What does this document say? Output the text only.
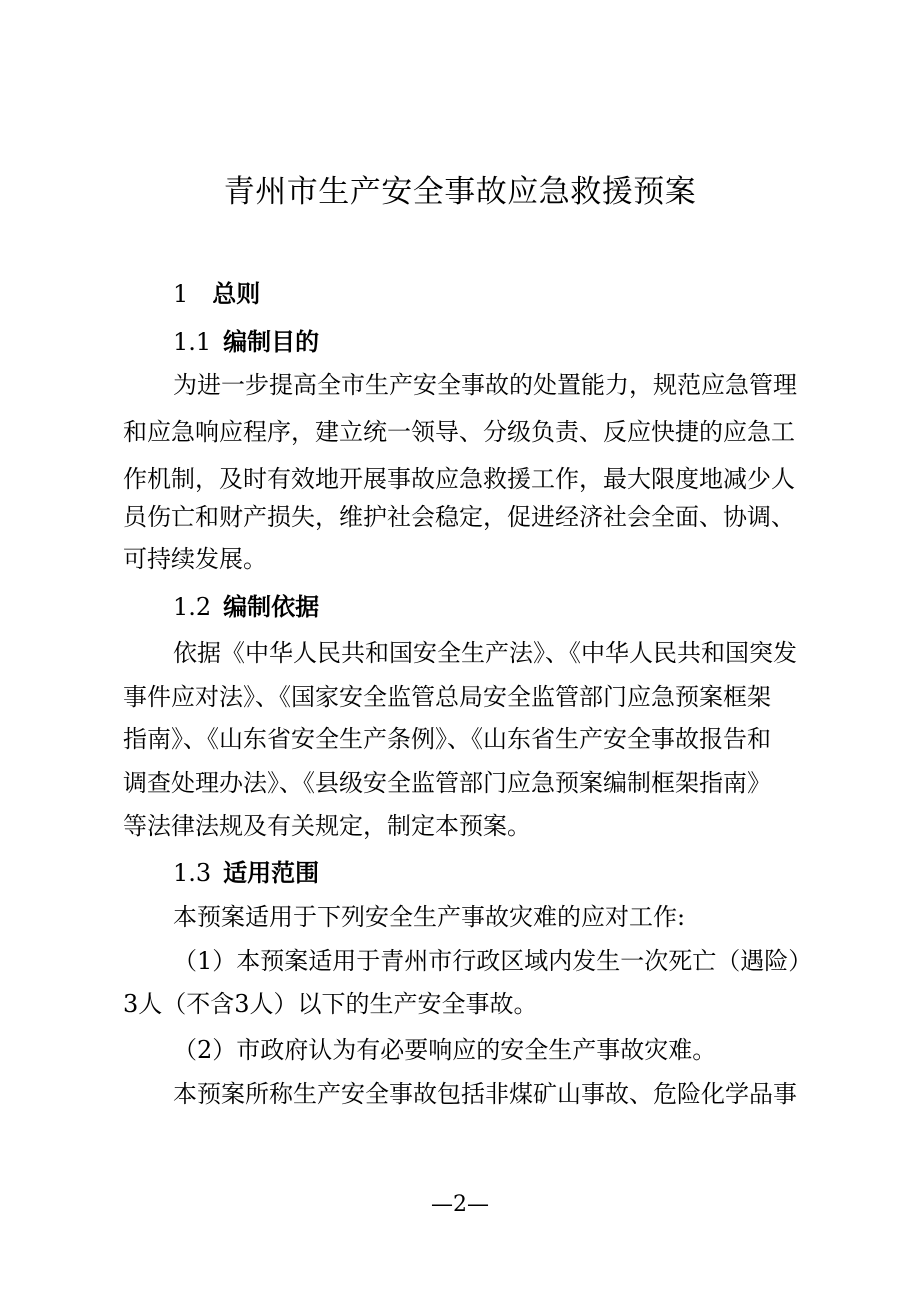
青州市生产安全事故应急救援预案
1 总则
1.1 编制目的
为进一步提高全市生产安全事故的处置能力，规范应急管理
和应急响应程序，建立统一领导、分级负责、反应快捷的应急工
作机制，及时有效地开展事故应急救援工作，最大限度地减少人
员伤亡和财产损失，维护社会稳定，促进经济社会全面、协调、
可持续发展。
1.2 编制依据
依据《中华人民共和国安全生产法》、《中华人民共和国突发
事件应对法》、《国家安全监管总局安全监管部门应急预案框架
指南》、《山东省安全生产条例》、《山东省生产安全事故报告和
调查处理办法》、《县级安全监管部门应急预案编制框架指南》
等法律法规及有关规定，制定本预案。
1.3 适用范围
本预案适用于下列安全生产事故灾难的应对工作:
（1）本预案适用于青州市行政区域内发生一次死亡（遇险）
3人（不含3人）以下的生产安全事故。
（2）市政府认为有必要响应的安全生产事故灾难。
本预案所称生产安全事故包括非煤矿山事故、危险化学品事
—2—
